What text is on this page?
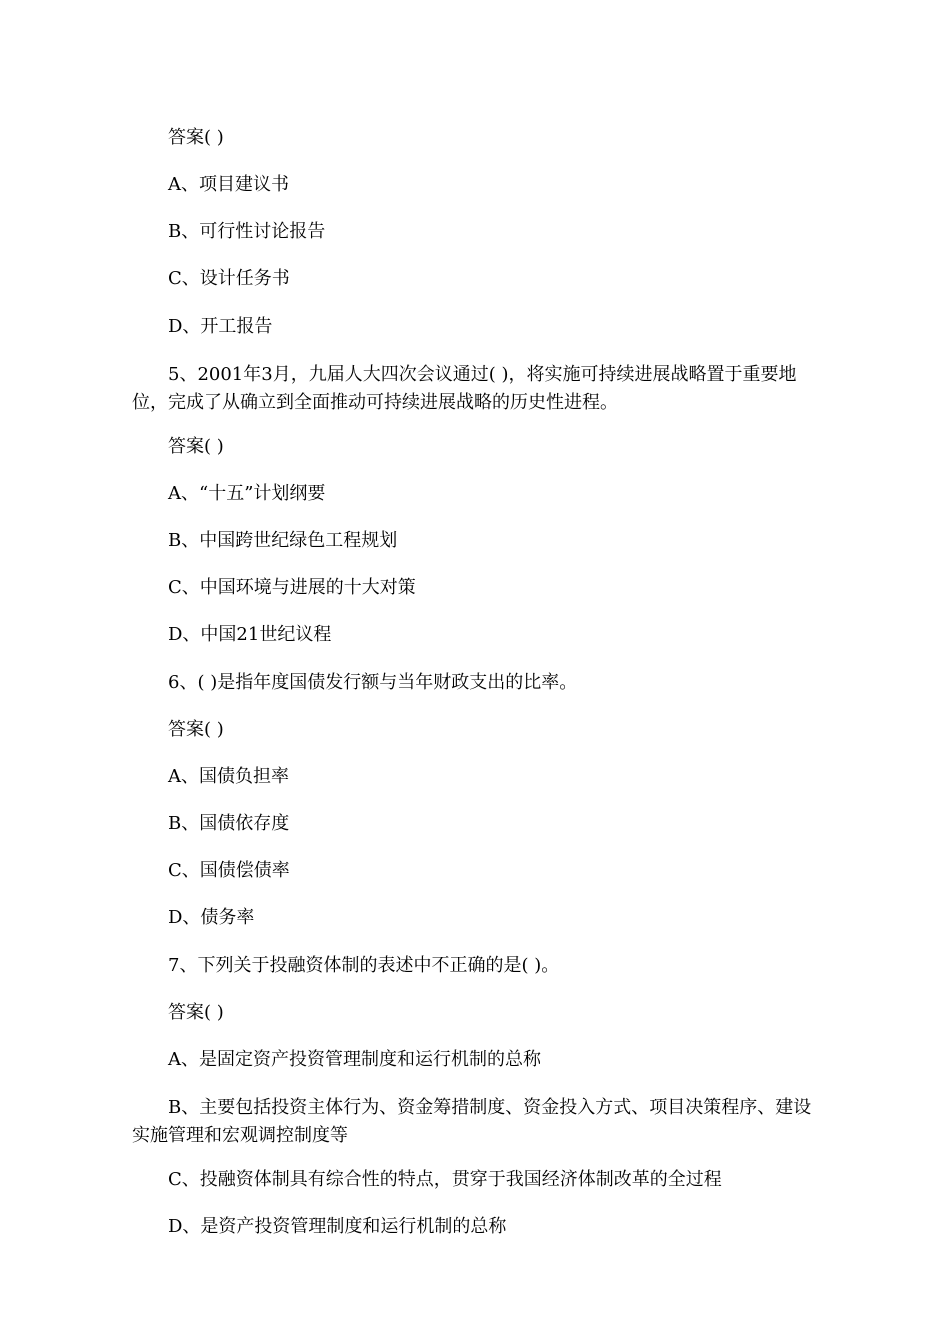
答案( )

A、项目建议书

B、可行性讨论报告

C、设计任务书

D、开工报告

5、2001年3月，九届人大四次会议通过( )，将实施可持续进展战略置于重要地位，完成了从确立到全面推动可持续进展战略的历史性进程。

答案( )

A、“十五”计划纲要

B、中国跨世纪绿色工程规划

C、中国环境与进展的十大对策

D、中国21世纪议程

6、( )是指年度国债发行额与当年财政支出的比率。

答案( )

A、国债负担率

B、国债依存度

C、国债偿债率

D、债务率

7、下列关于投融资体制的表述中不正确的是( )。

答案( )

A、是固定资产投资管理制度和运行机制的总称

B、主要包括投资主体行为、资金筹措制度、资金投入方式、项目决策程序、建设实施管理和宏观调控制度等

C、投融资体制具有综合性的特点，贯穿于我国经济体制改革的全过程

D、是资产投资管理制度和运行机制的总称
